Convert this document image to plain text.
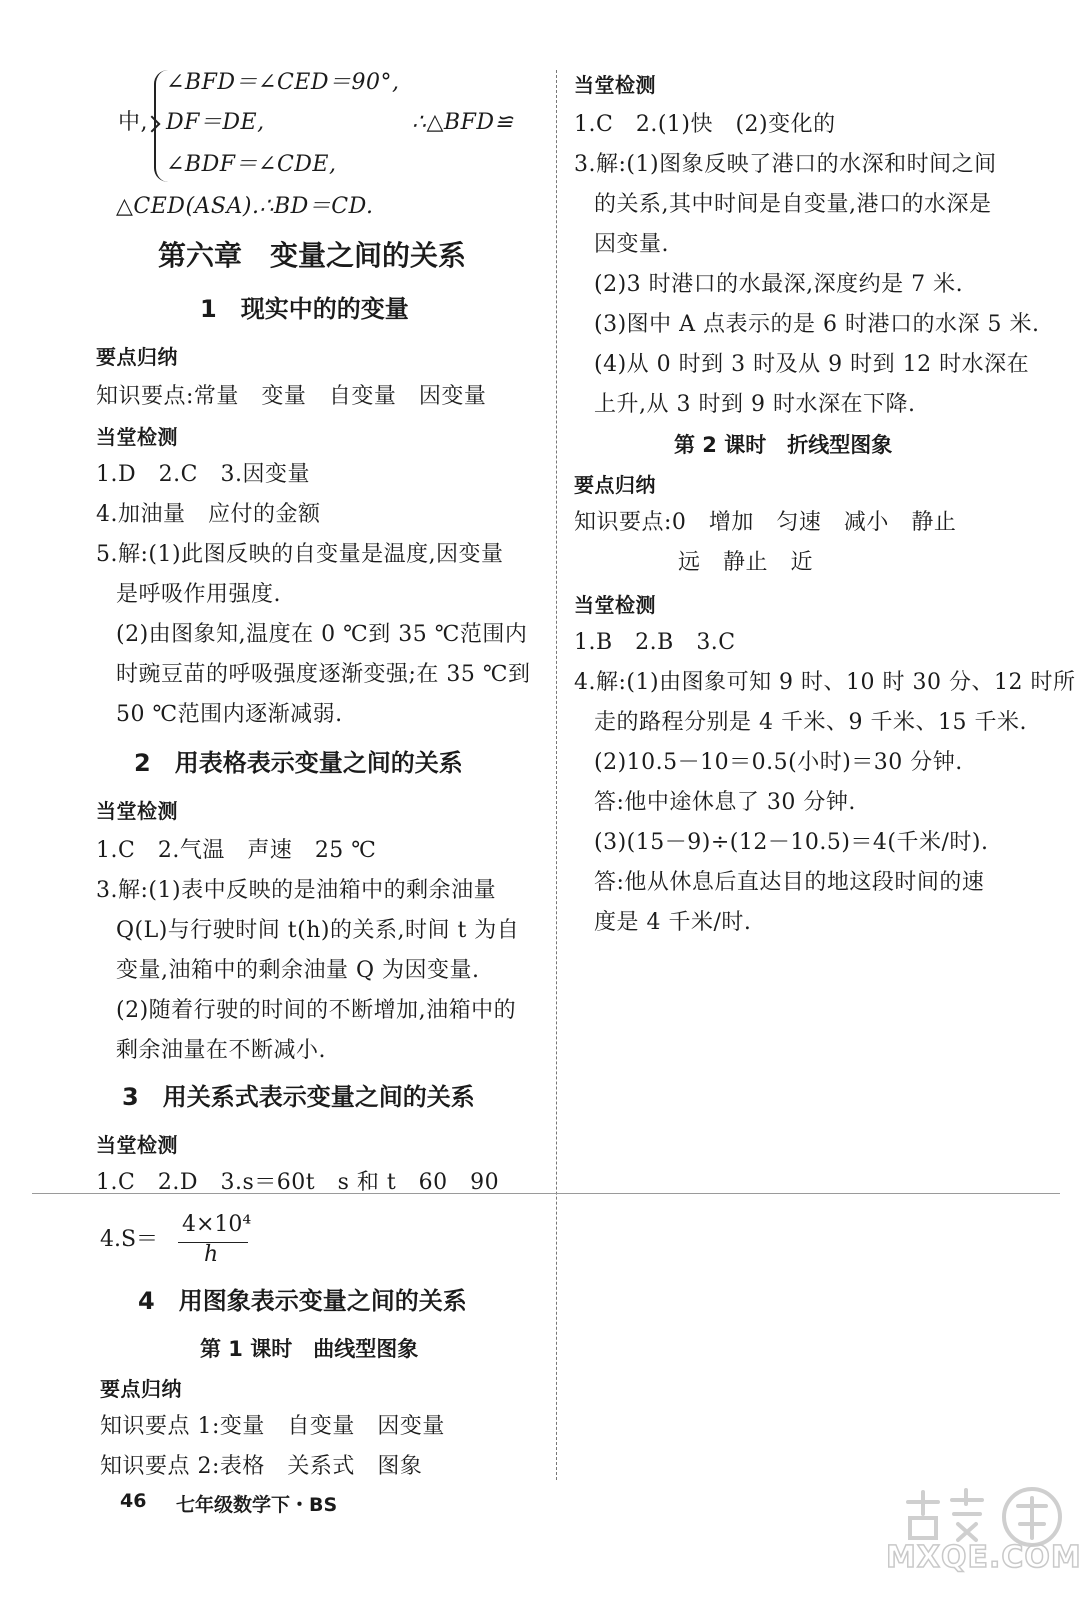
中,
∠BFD＝∠CED＝90°,
DF＝DE,	∴△BFD≌
∠BDF＝∠CDE,
△CED(ASA).∴BD＝CD.
第六章　变量之间的关系
1　现实中的的变量
要点归纳
知识要点:常量　变量　自变量　因变量
当堂检测
1.D　2.C　3.因变量
4.加油量　应付的金额
5.解:(1)此图反映的自变量是温度,因变量
是呼吸作用强度.
(2)由图象知,温度在 0 ℃到 35 ℃范围内
时豌豆苗的呼吸强度逐渐变强;在 35 ℃到
50 ℃范围内逐渐减弱.
2　用表格表示变量之间的关系
当堂检测
1.C　2.气温　声速　25 ℃
3.解:(1)表中反映的是油箱中的剩余油量
Q(L)与行驶时间 t(h)的关系,时间 t 为自
变量,油箱中的剩余油量 Q 为因变量.
(2)随着行驶的时间的不断增加,油箱中的
剩余油量在不断减小.
3　用关系式表示变量之间的关系
当堂检测
1.C　2.D　3.s＝60t　s 和 t　60　90
4.S＝
4×10⁴
h
4　用图象表示变量之间的关系
第 1 课时　曲线型图象
要点归纳
知识要点 1:变量　自变量　因变量
知识要点 2:表格　关系式　图象
当堂检测
1.C　2.(1)快　(2)变化的
3.解:(1)图象反映了港口的水深和时间之间
的关系,其中时间是自变量,港口的水深是
因变量.
(2)3 时港口的水最深,深度约是 7 米.
(3)图中 A 点表示的是 6 时港口的水深 5 米.
(4)从 0 时到 3 时及从 9 时到 12 时水深在
上升,从 3 时到 9 时水深在下降.
第 2 课时　折线型图象
要点归纳
知识要点:0　增加　匀速　减小　静止
远　静止　近
当堂检测
1.B　2.B　3.C
4.解:(1)由图象可知 9 时、10 时 30 分、12 时所
走的路程分别是 4 千米、9 千米、15 千米.
(2)10.5－10＝0.5(小时)＝30 分钟.
答:他中途休息了 30 分钟.
(3)(15－9)÷(12－10.5)＝4(千米/时).
答:他从休息后直达目的地这段时间的速
度是 4 千米/时.
46 七年级数学下・BS
MXQE.COM
